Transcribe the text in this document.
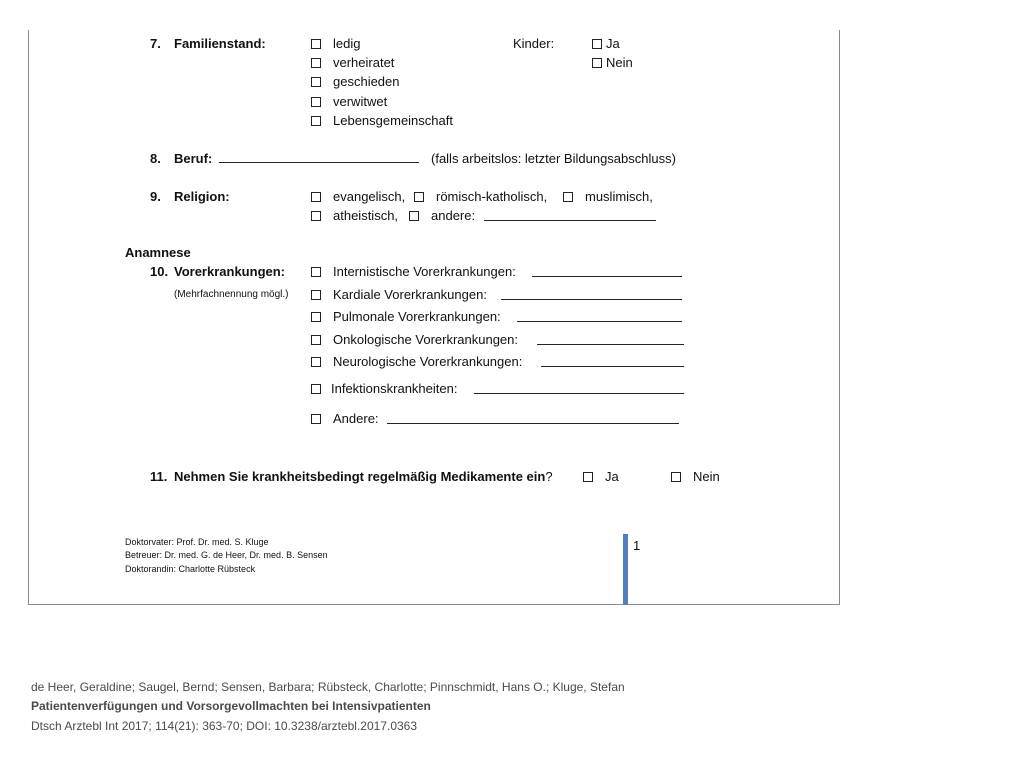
7. Familienstand:	ledig
verheiratet
geschieden
verwitwet
Lebensgemeinschaft
Kinder:	Ja
Nein
8. Beruf:	(falls arbeitslos: letzter Bildungsabschluss)
9. Religion:	evangelisch, römisch-katholisch,	muslimisch,
atheistisch,	andere:
Anamnese
10. Vorerkrankungen:
(Mehrfachnennung mögl.)
Internistische Vorerkrankungen:
Kardiale Vorerkrankungen:
Pulmonale Vorerkrankungen:
Onkologische Vorerkrankungen:
Neurologische Vorerkrankungen:
Infektionskrankheiten:
Andere:
11. Nehmen Sie krankheitsbedingt regelmäßig Medikamente ein?	Ja	Nein
Doktorvater: Prof. Dr. med. S. Kluge
Betreuer: Dr. med. G. de Heer, Dr. med. B. Sensen
Doktorandin: Charlotte Rübsteck
1
de Heer, Geraldine; Saugel, Bernd; Sensen, Barbara; Rübsteck, Charlotte; Pinnschmidt, Hans O.; Kluge, Stefan
Patientenverfügungen und Vorsorgevollmachten bei Intensivpatienten
Dtsch Arztebl Int 2017; 114(21): 363-70; DOI: 10.3238/arztebl.2017.0363
